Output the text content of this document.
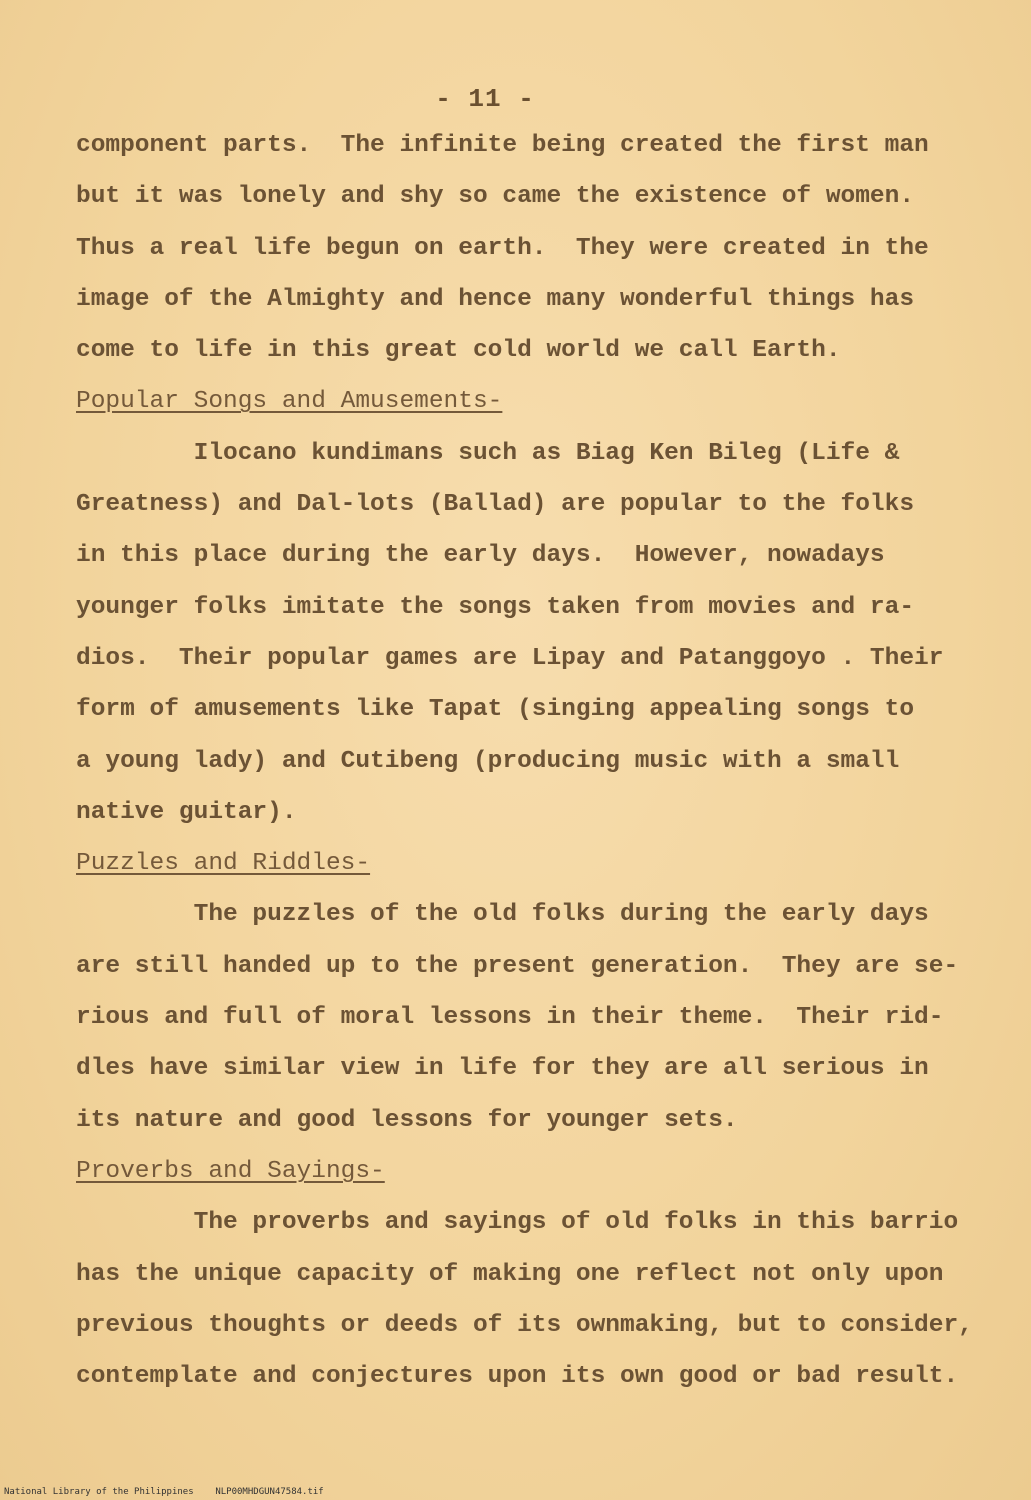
- 11 -
component parts.  The infinite being created the first man
but it was lonely and shy so came the existence of women.
Thus a real life begun on earth.  They were created in the
image of the Almighty and hence many wonderful things has
come to life in this great cold world we call Earth.
Popular Songs and Amusements-
Ilocano kundimans such as Biag Ken Bileg (Life &
Greatness) and Dal-lots (Ballad) are popular to the folks
in this place during the early days.  However, nowadays
younger folks imitate the songs taken from movies and ra-
dios.  Their popular games are Lipay and Patanggoyo . Their
form of amusements like Tapat (singing appealing songs to
a young lady) and Cutibeng (producing music with a small
native guitar).
Puzzles and Riddles-
The puzzles of the old folks during the early days
are still handed up to the present generation.  They are se-
rious and full of moral lessons in their theme.  Their rid-
dles have similar view in life for they are all serious in
its nature and good lessons for younger sets.
Proverbs and Sayings-
The proverbs and sayings of old folks in this barrio
has the unique capacity of making one reflect not only upon
previous thoughts or deeds of its ownmaking, but to consider,
contemplate and conjectures upon its own good or bad result.
National Library of the Philippines NLP00MHDGUN47584.tif
